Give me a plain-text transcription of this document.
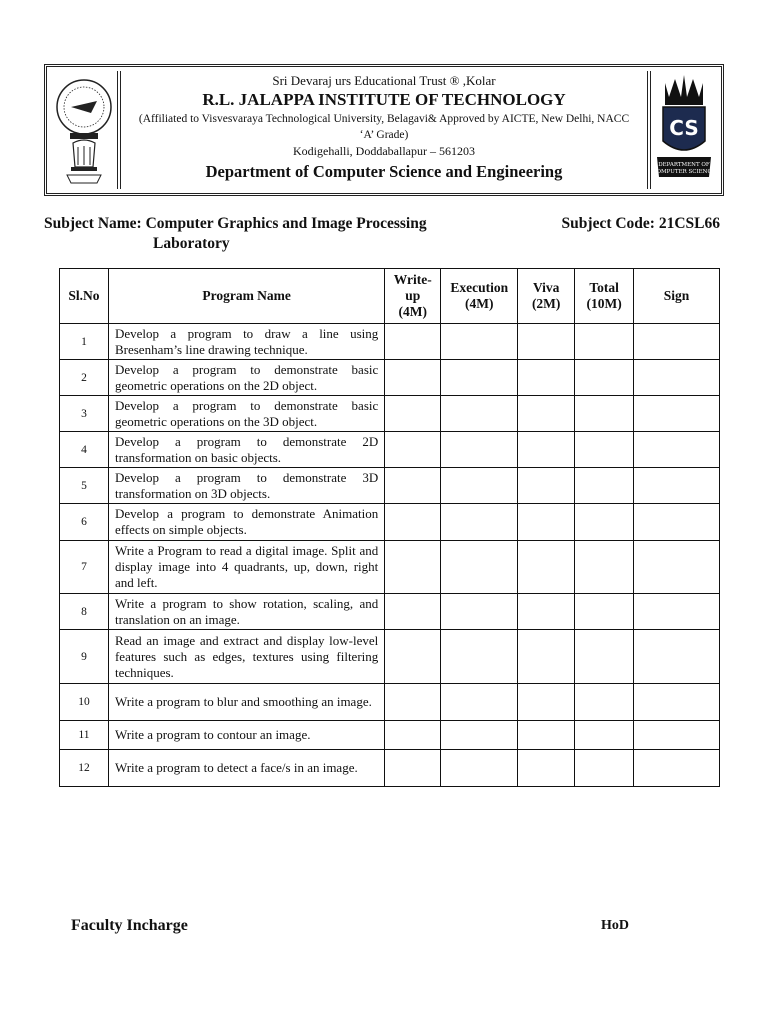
Sri Devaraj urs Educational Trust ® ,Kolar
R.L. JALAPPA INSTITUTE OF TECHNOLOGY
(Affiliated to Visvesvaraya Technological University, Belagavi& Approved by AICTE, New Delhi, NACC ‘A’ Grade)
Kodigehalli, Doddaballapur – 561203
Department of Computer Science and Engineering
CS
DEPARTMENT OF
COMPUTER SCIENCE
Subject Name: Computer Graphics and Image Processing
Laboratory
Subject Code: 21CSL66
Sl.No	Program Name	Write-up (4M)	Execution (4M)	Viva (2M)	Total (10M)	Sign
1	Develop a program to draw a line using Bresenham’s line drawing technique.					
2	Develop a program to demonstrate basic geometric operations on the 2D object.					
3	Develop a program to demonstrate basic geometric operations on the 3D object.					
4	Develop a program to demonstrate 2D transformation on basic objects.					
5	Develop a program to demonstrate 3D transformation on 3D objects.					
6	Develop a program to demonstrate Animation effects on simple objects.					
7	Write a Program to read a digital image. Split and display image into 4 quadrants, up, down, right and left.					
8	Write a program to show rotation, scaling, and translation on an image.					
9	Read an image and extract and display low-level features such as edges, textures using filtering techniques.					
10	Write a program to blur and smoothing an image.					
11	Write a program to contour an image.					
12	Write a program to detect a face/s in an image.					
Faculty Incharge	HoD
